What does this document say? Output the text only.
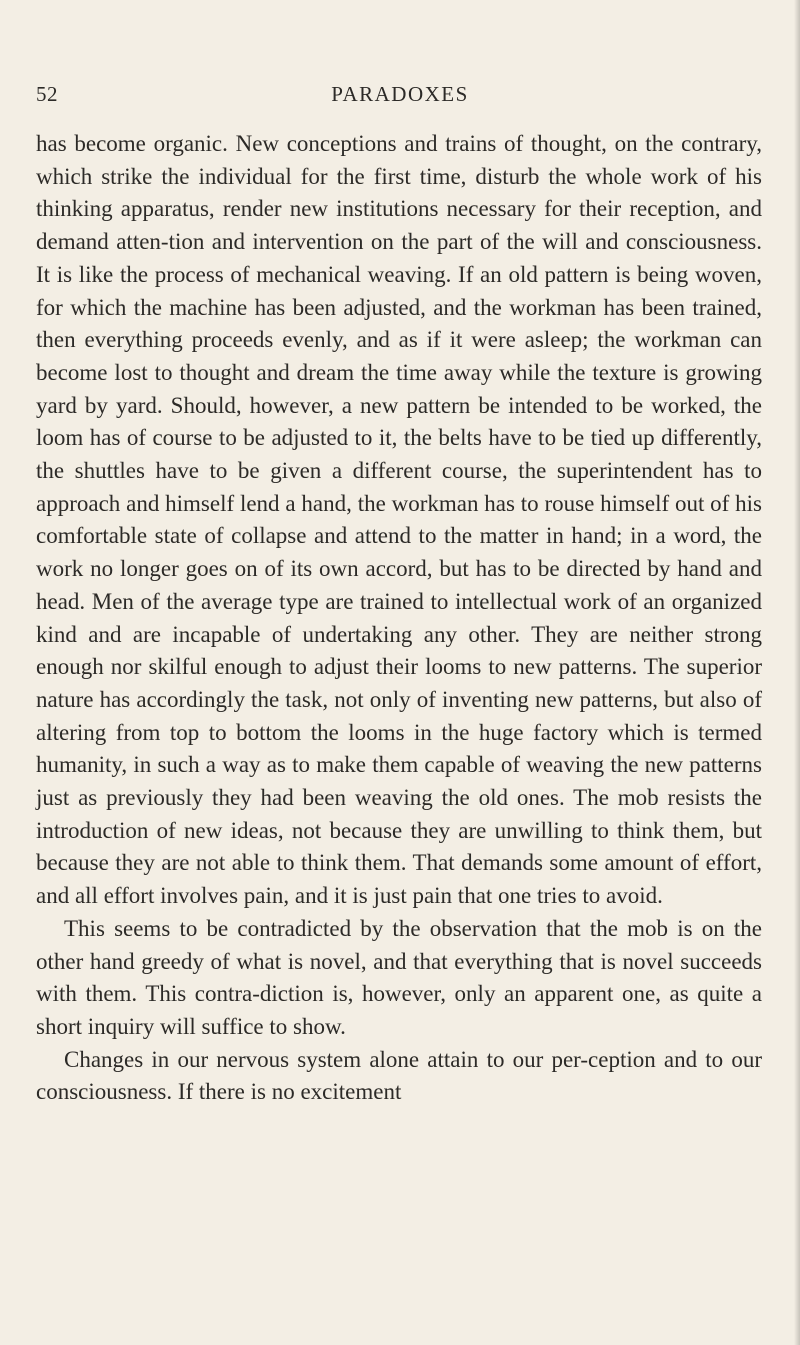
52	PARADOXES

has become organic. New conceptions and trains of thought, on the contrary, which strike the individual for the first time, disturb the whole work of his thinking apparatus, render new institutions necessary for their reception, and demand atten-tion and intervention on the part of the will and consciousness. It is like the process of mechanical weaving. If an old pattern is being woven, for which the machine has been adjusted, and the workman has been trained, then everything proceeds evenly, and as if it were asleep; the workman can become lost to thought and dream the time away while the texture is growing yard by yard. Should, however, a new pattern be intended to be worked, the loom has of course to be adjusted to it, the belts have to be tied up differently, the shuttles have to be given a different course, the superintendent has to approach and himself lend a hand, the workman has to rouse himself out of his comfortable state of collapse and attend to the matter in hand; in a word, the work no longer goes on of its own accord, but has to be directed by hand and head. Men of the average type are trained to intellectual work of an organized kind and are incapable of undertaking any other. They are neither strong enough nor skilful enough to adjust their looms to new patterns. The superior nature has accordingly the task, not only of inventing new patterns, but also of altering from top to bottom the looms in the huge factory which is termed humanity, in such a way as to make them capable of weaving the new patterns just as previously they had been weaving the old ones. The mob resists the introduction of new ideas, not because they are unwilling to think them, but because they are not able to think them. That demands some amount of effort, and all effort involves pain, and it is just pain that one tries to avoid.

This seems to be contradicted by the observation that the mob is on the other hand greedy of what is novel, and that everything that is novel succeeds with them. This contra-diction is, however, only an apparent one, as quite a short inquiry will suffice to show.

Changes in our nervous system alone attain to our per-ception and to our consciousness. If there is no excitement
